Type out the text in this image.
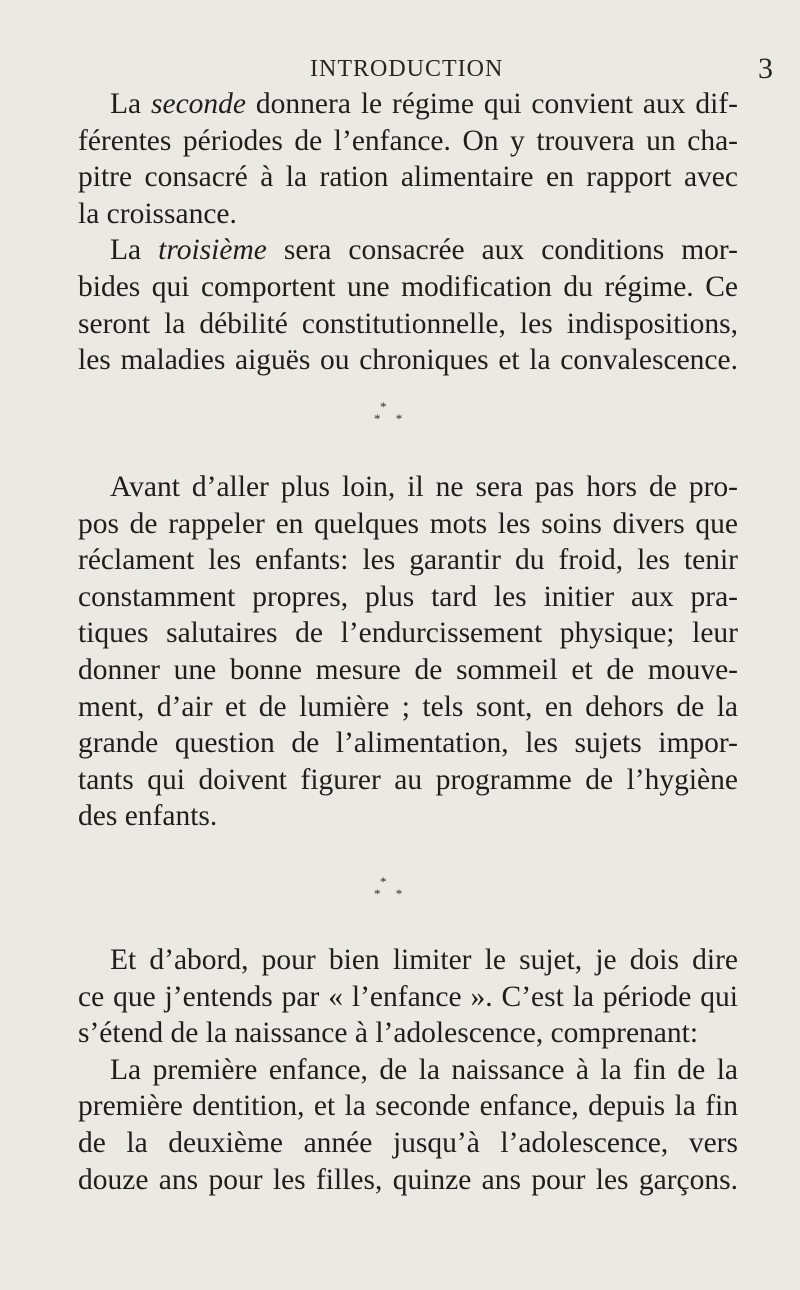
INTRODUCTION	3
La seconde donnera le régime qui convient aux dif-
férentes périodes de l’enfance. On y trouvera un cha-
pitre consacré à la ration alimentaire en rapport avec
la croissance.
La troisième sera consacrée aux conditions mor-
bides qui comportent une modification du régime. Ce
seront la débilité constitutionnelle, les indispositions,
les maladies aiguës ou chroniques et la convalescence.
*
* *
Avant d’aller plus loin, il ne sera pas hors de pro-
pos de rappeler en quelques mots les soins divers que
réclament les enfants: les garantir du froid, les tenir
constamment propres, plus tard les initier aux pra-
tiques salutaires de l’endurcissement physique; leur
donner une bonne mesure de sommeil et de mouve-
ment, d’air et de lumière ; tels sont, en dehors de la
grande question de l’alimentation, les sujets impor-
tants qui doivent figurer au programme de l’hygiène
des enfants.
*
* *
Et d’abord, pour bien limiter le sujet, je dois dire
ce que j’entends par « l’enfance ». C’est la période qui
s’étend de la naissance à l’adolescence, comprenant:
La première enfance, de la naissance à la fin de la
première dentition, et la seconde enfance, depuis la fin
de la deuxième année jusqu’à l’adolescence, vers
douze ans pour les filles, quinze ans pour les garçons.
